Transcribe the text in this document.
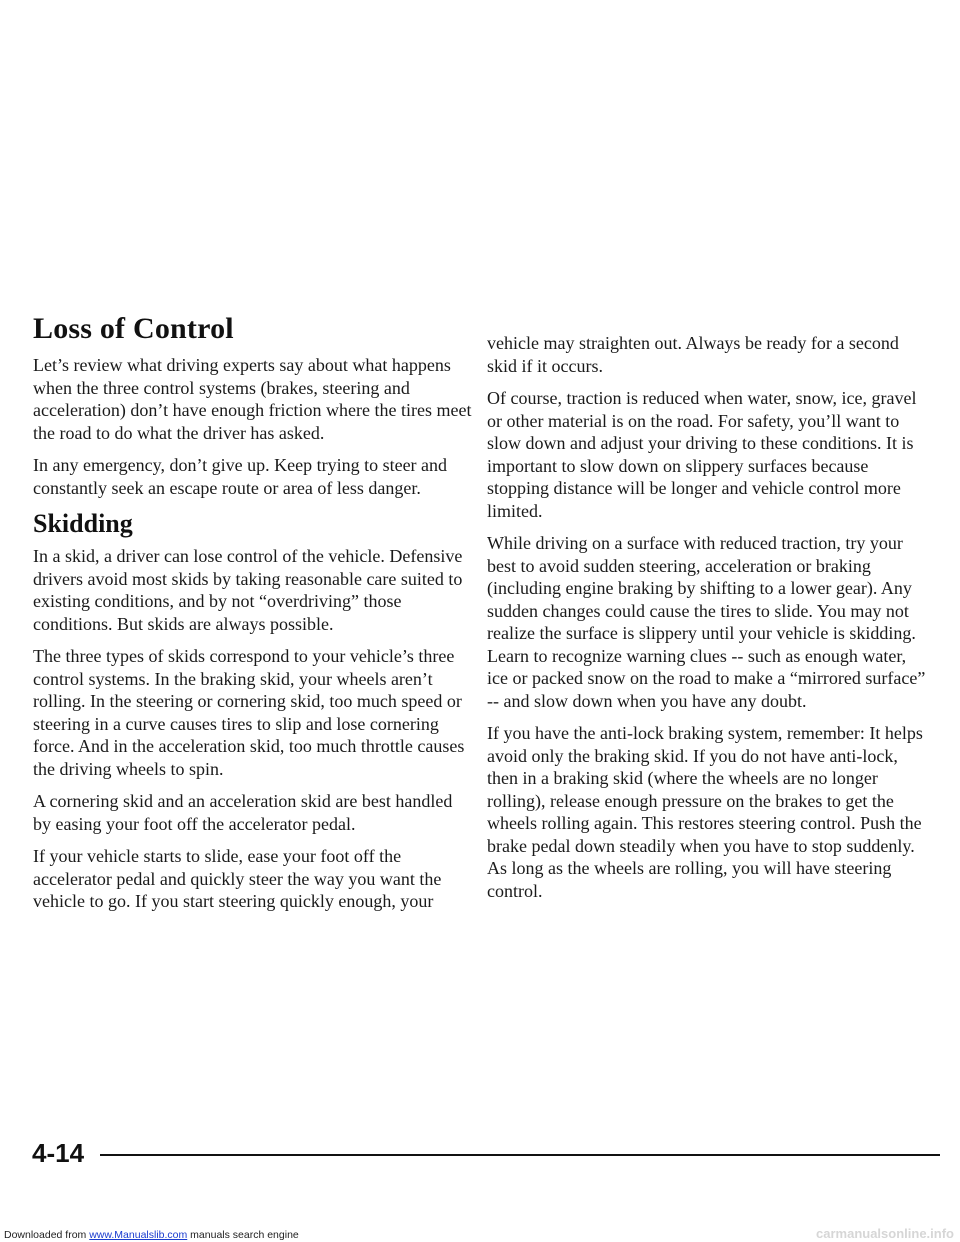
Loss of Control

Let’s review what driving experts say about what happens when the three control systems (brakes, steering and acceleration) don’t have enough friction where the tires meet the road to do what the driver has asked.

In any emergency, don’t give up. Keep trying to steer and constantly seek an escape route or area of less danger.

Skidding

In a skid, a driver can lose control of the vehicle. Defensive drivers avoid most skids by taking reasonable care suited to existing conditions, and by not “overdriving” those conditions. But skids are always possible.

The three types of skids correspond to your vehicle’s three control systems. In the braking skid, your wheels aren’t rolling. In the steering or cornering skid, too much speed or steering in a curve causes tires to slip and lose cornering force. And in the acceleration skid, too much throttle causes the driving wheels to spin.

A cornering skid and an acceleration skid are best handled by easing your foot off the accelerator pedal.

If your vehicle starts to slide, ease your foot off the accelerator pedal and quickly steer the way you want the vehicle to go. If you start steering quickly enough, your

vehicle may straighten out. Always be ready for a second skid if it occurs.

Of course, traction is reduced when water, snow, ice, gravel or other material is on the road. For safety, you’ll want to slow down and adjust your driving to these conditions. It is important to slow down on slippery surfaces because stopping distance will be longer and vehicle control more limited.

While driving on a surface with reduced traction, try your best to avoid sudden steering, acceleration or braking (including engine braking by shifting to a lower gear). Any sudden changes could cause the tires to slide. You may not realize the surface is slippery until your vehicle is skidding. Learn to recognize warning clues -- such as enough water, ice or packed snow on the road to make a “mirrored surface” -- and slow down when you have any doubt.

If you have the anti-lock braking system, remember: It helps avoid only the braking skid. If you do not have anti-lock, then in a braking skid (where the wheels are no longer rolling), release enough pressure on the brakes to get the wheels rolling again. This restores steering control. Push the brake pedal down steadily when you have to stop suddenly. As long as the wheels are rolling, you will have steering control.

4-14
Downloaded from www.Manualslib.com manuals search engine	carmanualsonline.info
